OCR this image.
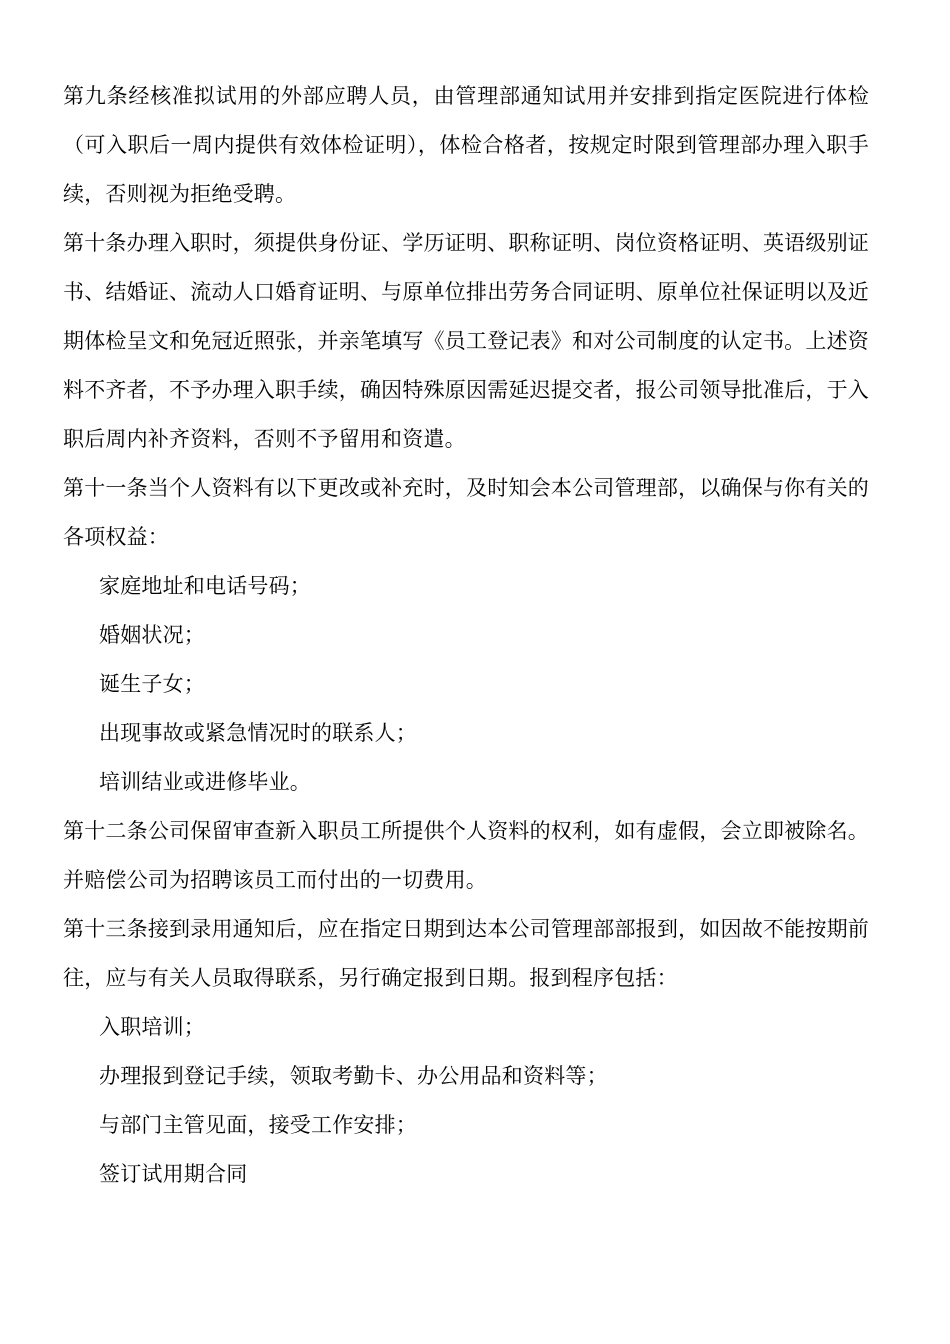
第九条经核准拟试用的外部应聘人员，由管理部通知试用并安排到指定医院进行体检（可入职后一周内提供有效体检证明），体检合格者，按规定时限到管理部办理入职手续，否则视为拒绝受聘。

第十条办理入职时，须提供身份证、学历证明、职称证明、岗位资格证明、英语级别证书、结婚证、流动人口婚育证明、与原单位排出劳务合同证明、原单位社保证明以及近期体检呈文和免冠近照张，并亲笔填写《员工登记表》和对公司制度的认定书。上述资料不齐者，不予办理入职手续，确因特殊原因需延迟提交者，报公司领导批准后，于入职后周内补齐资料，否则不予留用和资遣。

第十一条当个人资料有以下更改或补充时，及时知会本公司管理部，以确保与你有关的各项权益：

家庭地址和电话号码；
婚姻状况；
诞生子女；
出现事故或紧急情况时的联系人；
培训结业或进修毕业。

第十二条公司保留审查新入职员工所提供个人资料的权利，如有虚假，会立即被除名。并赔偿公司为招聘该员工而付出的一切费用。

第十三条接到录用通知后，应在指定日期到达本公司管理部部报到，如因故不能按期前往，应与有关人员取得联系，另行确定报到日期。报到程序包括：

入职培训；
办理报到登记手续，领取考勤卡、办公用品和资料等；
与部门主管见面，接受工作安排；
签订试用期合同
